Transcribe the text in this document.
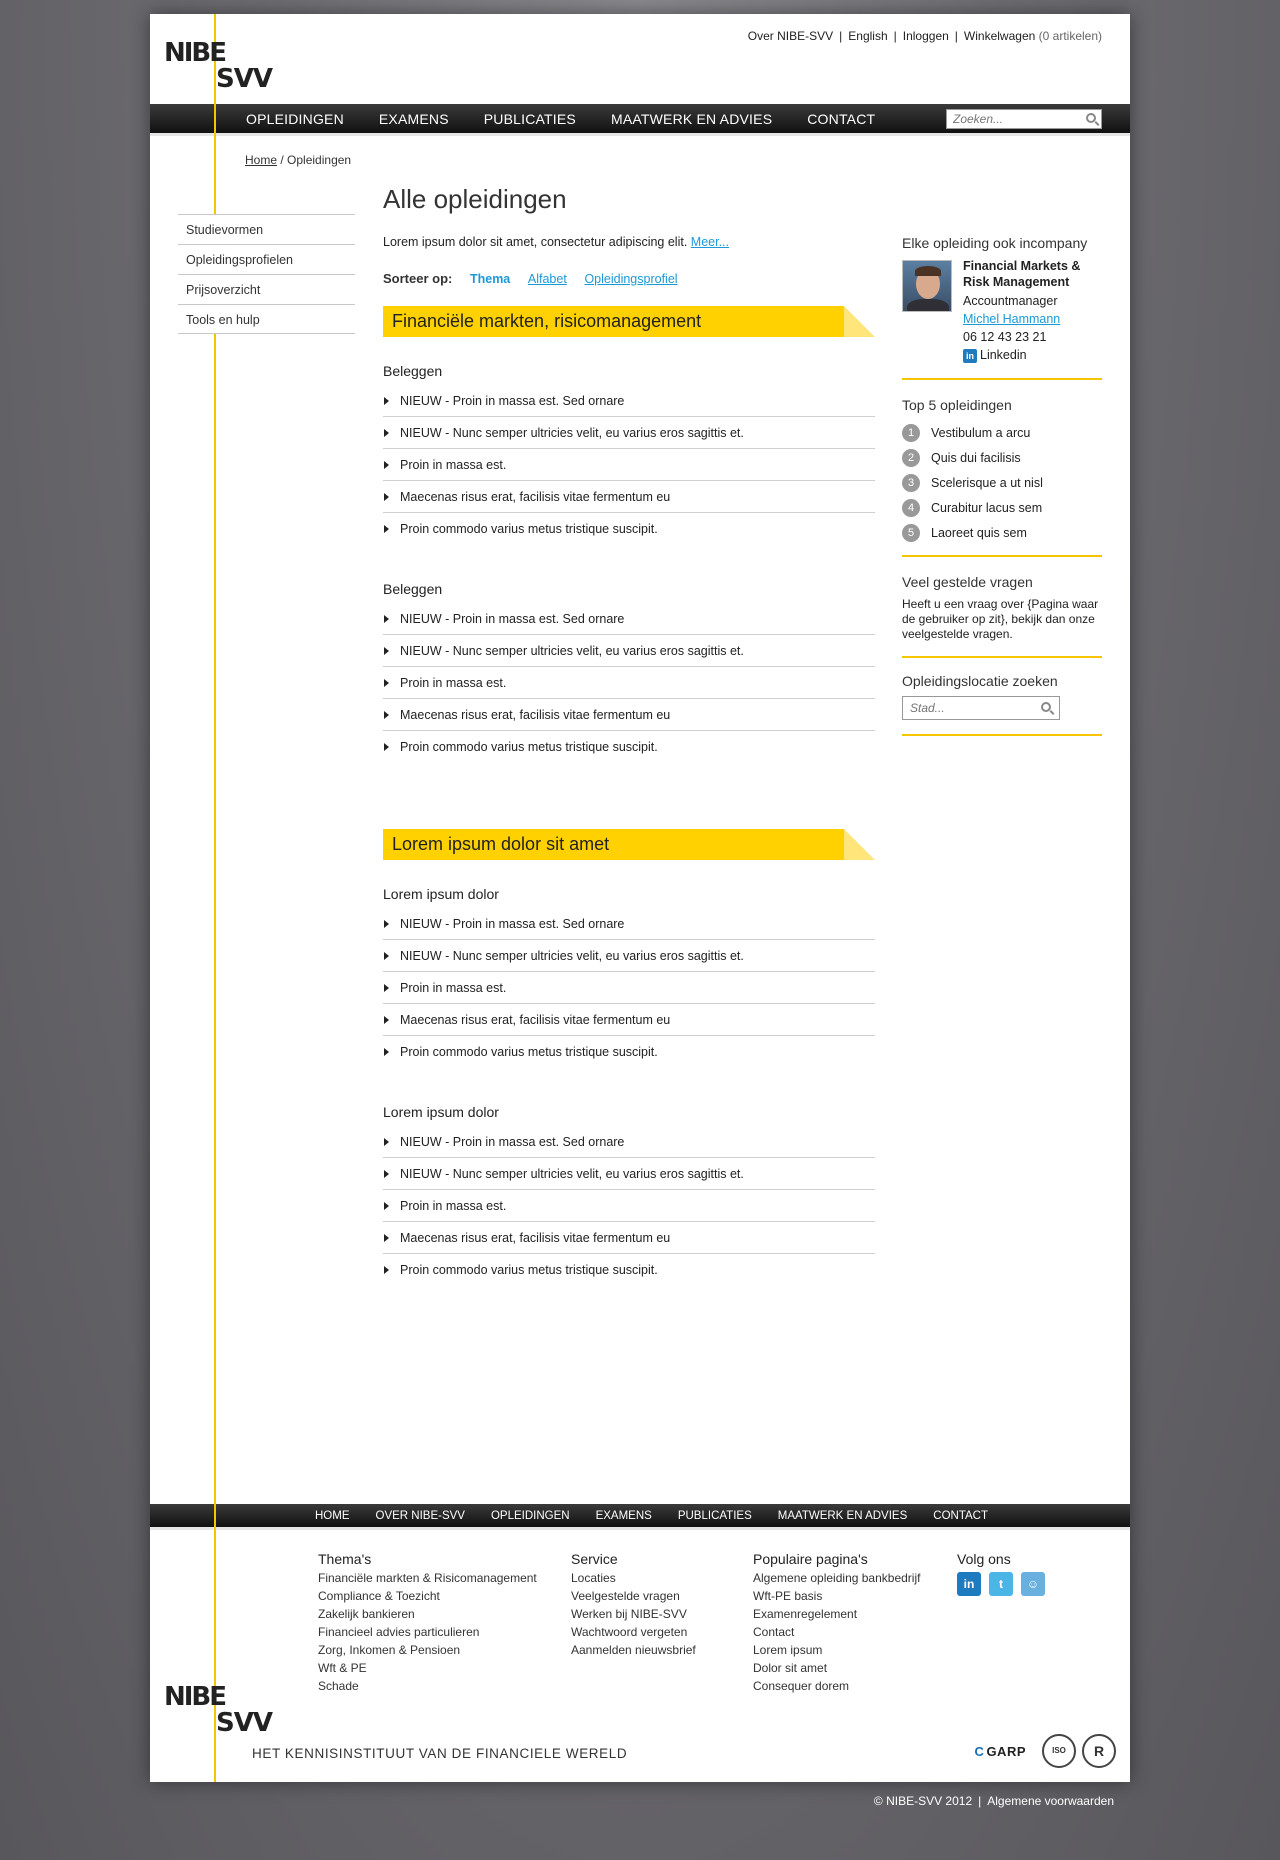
NIBE
SVV
Over NIBE-SVV | English | Inloggen | Winkelwagen (0 artikelen)
OPLEIDINGEN	EXAMENS	PUBLICATIES	MAATWERK EN ADVIES	CONTACT
Zoeken...
Home / Opleidingen
Studievormen
Opleidingsprofielen
Prijsoverzicht
Tools en hulp
Alle opleidingen
Lorem ipsum dolor sit amet, consectetur adipiscing elit. Meer...
Sorteer op: Thema Alfabet Opleidingsprofiel
Financiële markten, risicomanagement
Beleggen
NIEUW - Proin in massa est. Sed ornare
NIEUW - Nunc semper ultricies velit, eu varius eros sagittis et.
Proin in massa est.
Maecenas risus erat, facilisis vitae fermentum eu
Proin commodo varius metus tristique suscipit.
Beleggen
NIEUW - Proin in massa est. Sed ornare
NIEUW - Nunc semper ultricies velit, eu varius eros sagittis et.
Proin in massa est.
Maecenas risus erat, facilisis vitae fermentum eu
Proin commodo varius metus tristique suscipit.
Lorem ipsum dolor sit amet
Lorem ipsum dolor
NIEUW - Proin in massa est. Sed ornare
NIEUW - Nunc semper ultricies velit, eu varius eros sagittis et.
Proin in massa est.
Maecenas risus erat, facilisis vitae fermentum eu
Proin commodo varius metus tristique suscipit.
Lorem ipsum dolor
NIEUW - Proin in massa est. Sed ornare
NIEUW - Nunc semper ultricies velit, eu varius eros sagittis et.
Proin in massa est.
Maecenas risus erat, facilisis vitae fermentum eu
Proin commodo varius metus tristique suscipit.
Elke opleiding ook incompany
Financial Markets & Risk Management
Accountmanager
Michel Hammann
06 12 43 23 21
in Linkedin
Top 5 opleidingen
1	Vestibulum a arcu
2	Quis dui facilisis
3	Scelerisque a ut nisl
4	Curabitur lacus sem
5	Laoreet quis sem
Veel gestelde vragen
Heeft u een vraag over {Pagina waar de gebruiker op zit}, bekijk dan onze veelgestelde vragen.
Opleidingslocatie zoeken
Stad...
HOME OVER NIBE-SVV OPLEIDINGEN EXAMENS PUBLICATIES MAATWERK EN ADVIES CONTACT
Thema's
Financiële markten & Risicomanagement
Compliance & Toezicht
Zakelijk bankieren
Financieel advies particulieren
Zorg, Inkomen & Pensioen
Wft & PE
Schade
Service
Locaties
Veelgestelde vragen
Werken bij NIBE-SVV
Wachtwoord vergeten
Aanmelden nieuwsbrief
Populaire pagina's
Algemene opleiding bankbedrijf
Wft-PE basis
Examenregelement
Contact
Lorem ipsum
Dolor sit amet
Consequer dorem
Volg ons
in	t	☺
NIBE
SVV
HET KENNISINSTITUUT VAN DE FINANCIELE WERELD	C GARP	ISO	R
© NIBE-SVV 2012 | Algemene voorwaarden
